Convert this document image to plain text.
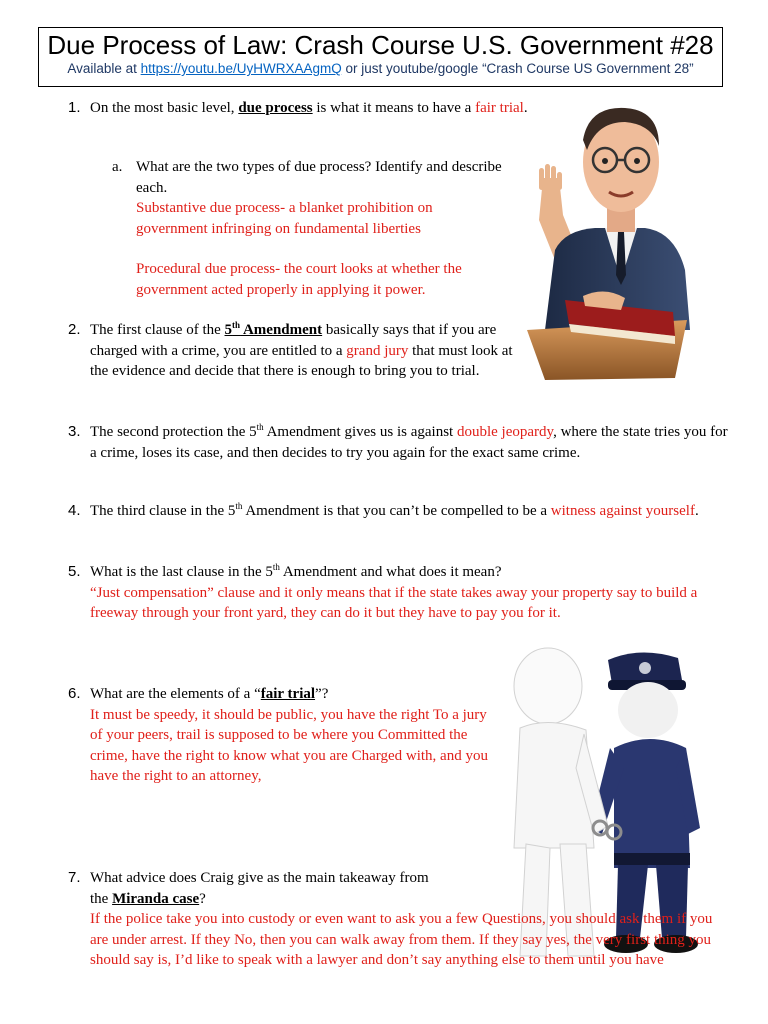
Due Process of Law: Crash Course U.S. Government #28
Available at https://youtu.be/UyHWRXAAgmQ or just youtube/google “Crash Course US Government 28”
1. On the most basic level, due process is what it means to have a fair trial.
a. What are the two types of due process? Identify and describe each.
Substantive due process- a blanket prohibition on government infringing on fundamental liberties
Procedural due process- the court looks at whether the government acted properly in applying it power.
2. The first clause of the 5th Amendment basically says that if you are charged with a crime, you are entitled to a grand jury that must look at the evidence and decide that there is enough to bring you to trial.
3. The second protection the 5th Amendment gives us is against double jeopardy, where the state tries you for a crime, loses its case, and then decides to try you again for the exact same crime.
4. The third clause in the 5th Amendment is that you can’t be compelled to be a witness against yourself.
5. What is the last clause in the 5th Amendment and what does it mean?
“Just compensation” clause and it only means that if the state takes away your property say to build a freeway through your front yard, they can do it but they have to pay you for it.
6. What are the elements of a “fair trial”?
It must be speedy, it should be public, you have the right To a jury of your peers, trail is supposed to be where you Committed the crime, have the right to know what you are Charged with, and you have the right to an attorney,
7. What advice does Craig give as the main takeaway from the Miranda case?
If the police take you into custody or even want to ask you a few Questions, you should ask them if you are under arrest. If they No, then you can walk away from them. If they say yes, the very first thing you should say is, I’d like to speak with a lawyer and don’t say anything else to them until you have
